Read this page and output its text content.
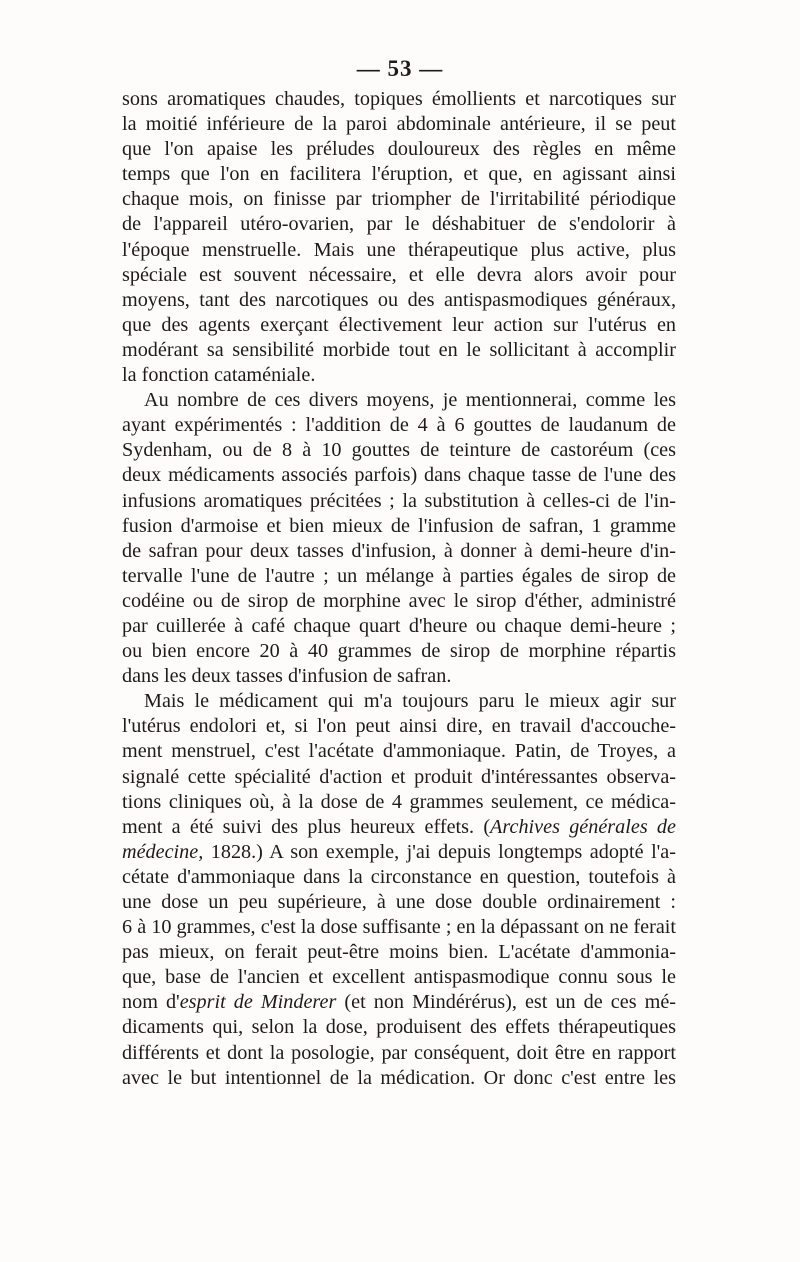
— 53 —
sons aromatiques chaudes, topiques émollients et narcotiques sur
la moitié inférieure de la paroi abdominale antérieure, il se peut
que l'on apaise les préludes douloureux des règles en même
temps que l'on en facilitera l'éruption, et que, en agissant ainsi
chaque mois, on finisse par triompher de l'irritabilité périodique
de l'appareil utéro-ovarien, par le déshabituer de s'endolorir à
l'époque menstruelle. Mais une thérapeutique plus active, plus
spéciale est souvent nécessaire, et elle devra alors avoir pour
moyens, tant des narcotiques ou des antispasmodiques généraux,
que des agents exerçant électivement leur action sur l'utérus en
modérant sa sensibilité morbide tout en le sollicitant à accomplir
la fonction cataméniale.
Au nombre de ces divers moyens, je mentionnerai, comme les
ayant expérimentés : l'addition de 4 à 6 gouttes de laudanum de
Sydenham, ou de 8 à 10 gouttes de teinture de castoréum (ces
deux médicaments associés parfois) dans chaque tasse de l'une des
infusions aromatiques précitées ; la substitution à celles-ci de l'in-
fusion d'armoise et bien mieux de l'infusion de safran, 1 gramme
de safran pour deux tasses d'infusion, à donner à demi-heure d'in-
tervalle l'une de l'autre ; un mélange à parties égales de sirop de
codéine ou de sirop de morphine avec le sirop d'éther, administré
par cuillerée à café chaque quart d'heure ou chaque demi-heure ;
ou bien encore 20 à 40 grammes de sirop de morphine répartis
dans les deux tasses d'infusion de safran.
Mais le médicament qui m'a toujours paru le mieux agir sur
l'utérus endolori et, si l'on peut ainsi dire, en travail d'accouche-
ment menstruel, c'est l'acétate d'ammoniaque. Patin, de Troyes, a
signalé cette spécialité d'action et produit d'intéressantes observa-
tions cliniques où, à la dose de 4 grammes seulement, ce médica-
ment a été suivi des plus heureux effets. (Archives générales de
médecine, 1828.) A son exemple, j'ai depuis longtemps adopté l'a-
cétate d'ammoniaque dans la circonstance en question, toutefois à
une dose un peu supérieure, à une dose double ordinairement :
6 à 10 grammes, c'est la dose suffisante ; en la dépassant on ne ferait
pas mieux, on ferait peut-être moins bien. L'acétate d'ammonia-
que, base de l'ancien et excellent antispasmodique connu sous le
nom d'esprit de Minderer (et non Mindérérus), est un de ces mé-
dicaments qui, selon la dose, produisent des effets thérapeutiques
différents et dont la posologie, par conséquent, doit être en rapport
avec le but intentionnel de la médication. Or donc c'est entre les
